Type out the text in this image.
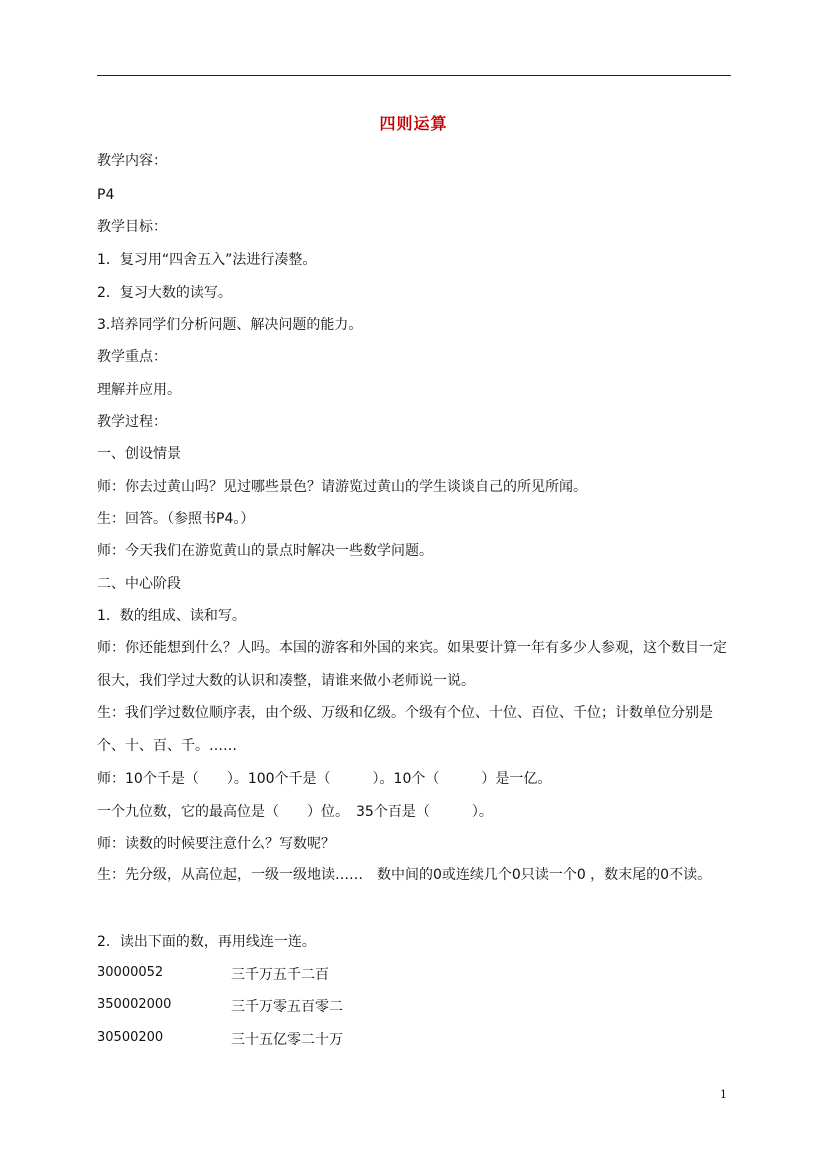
四则运算
教学内容：
P4
教学目标：
1．复习用“四舍五入”法进行凑整。
2．复习大数的读写。
3.培养同学们分析问题、解决问题的能力。
教学重点：
理解并应用。
教学过程：
一、创设情景
师：你去过黄山吗？见过哪些景色？请游览过黄山的学生谈谈自己的所见所闻。
生：回答。（参照书P4。）
师：今天我们在游览黄山的景点时解决一些数学问题。
二、中心阶段
1．数的组成、读和写。
师：你还能想到什么？人吗。本国的游客和外国的来宾。如果要计算一年有多少人参观，这个数目一定很大，我们学过大数的认识和凑整，请谁来做小老师说一说。
生：我们学过数位顺序表，由个级、万级和亿级。个级有个位、十位、百位、千位；计数单位分别是个、十、百、千。……
师：10个千是（　　）。100个千是（　　　）。10个（　　　）是一亿。
一个九位数，它的最高位是（　　）位。　35个百是（　　　）。
师：读数的时候要注意什么？写数呢？
生：先分级，从高位起，一级一级地读……　数中间的0或连续几个0只读一个0 ，数末尾的0不读。
2．读出下面的数，再用线连一连。
30000052	三千万五千二百
350002000	三千万零五百零二
30500200	三十五亿零二十万
1
